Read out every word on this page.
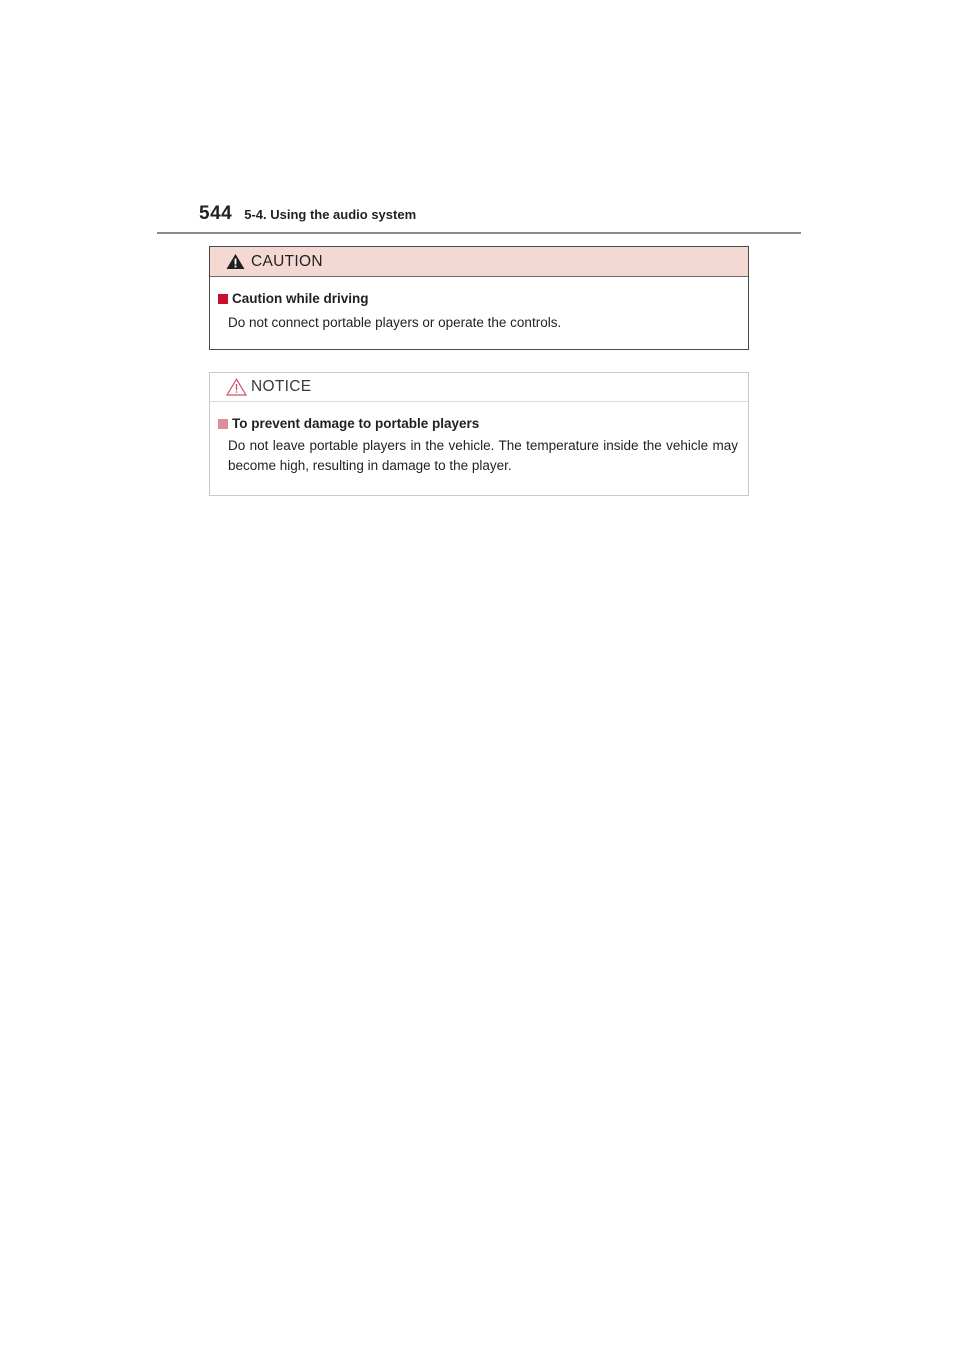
544 5-4. Using the audio system
CAUTION
Caution while driving
Do not connect portable players or operate the controls.
NOTICE
To prevent damage to portable players
Do not leave portable players in the vehicle. The temperature inside the vehicle may become high, resulting in damage to the player.
